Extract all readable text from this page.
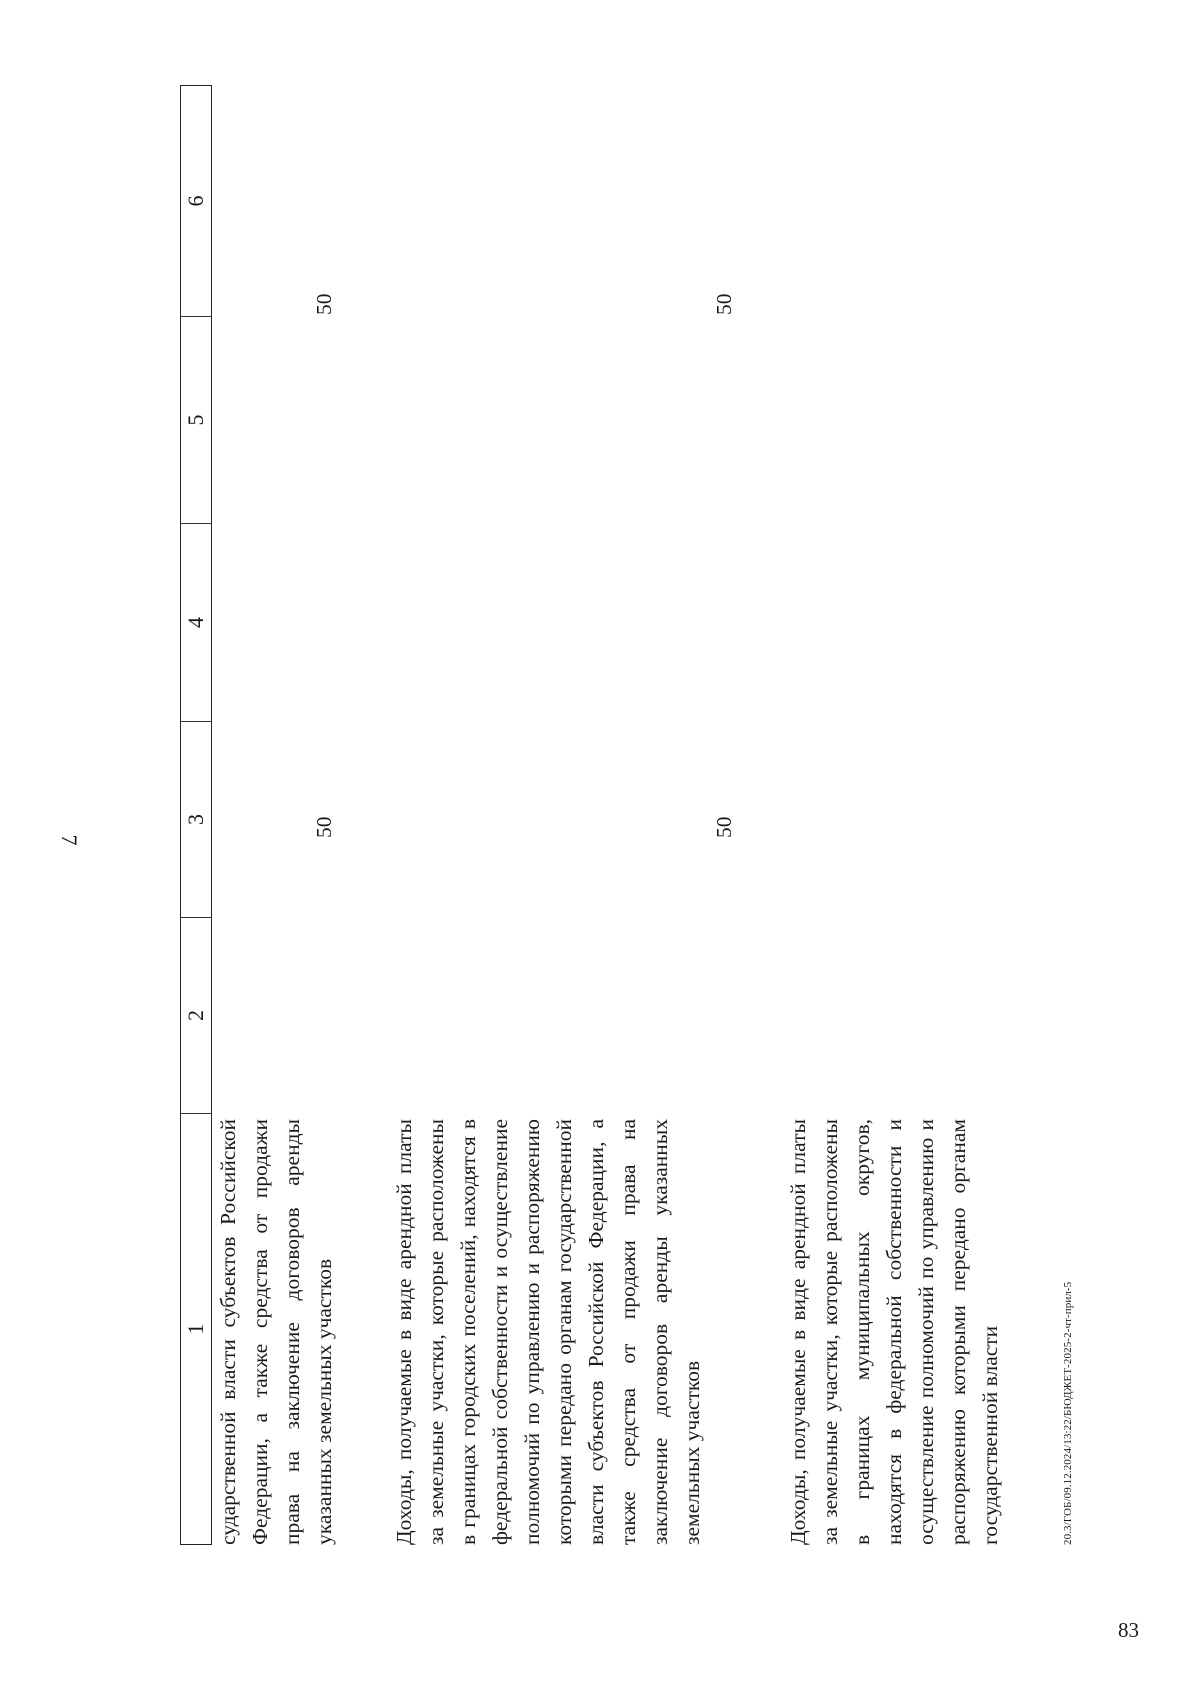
7
83
20.3/ГОБ/09.12.2024/13:22/БЮДЖЕТ-2025-2-чт-прил-5
1
2
3
4
5
6

сударственной власти субъектов Российской Федерации, а также средства от продажи права на заключение договоров аренды указанных земельных участков

50
50

Доходы, получаемые в виде арендной платы за земельные участки, которые расположены в границах городских поселений, находятся в федеральной собственности и осуществление полномочий по управлению и распоряжению которыми передано органам государственной власти субъектов Российской Федерации, а также средства от продажи права на заключение договоров аренды указанных земельных участков

50
50

Доходы, получаемые в виде арендной платы за земельные участки, которые расположены в границах муниципальных округов, находятся в федеральной собственности и осуществление полномочий по управлению и распоряжению которыми передано органам государственной власти
